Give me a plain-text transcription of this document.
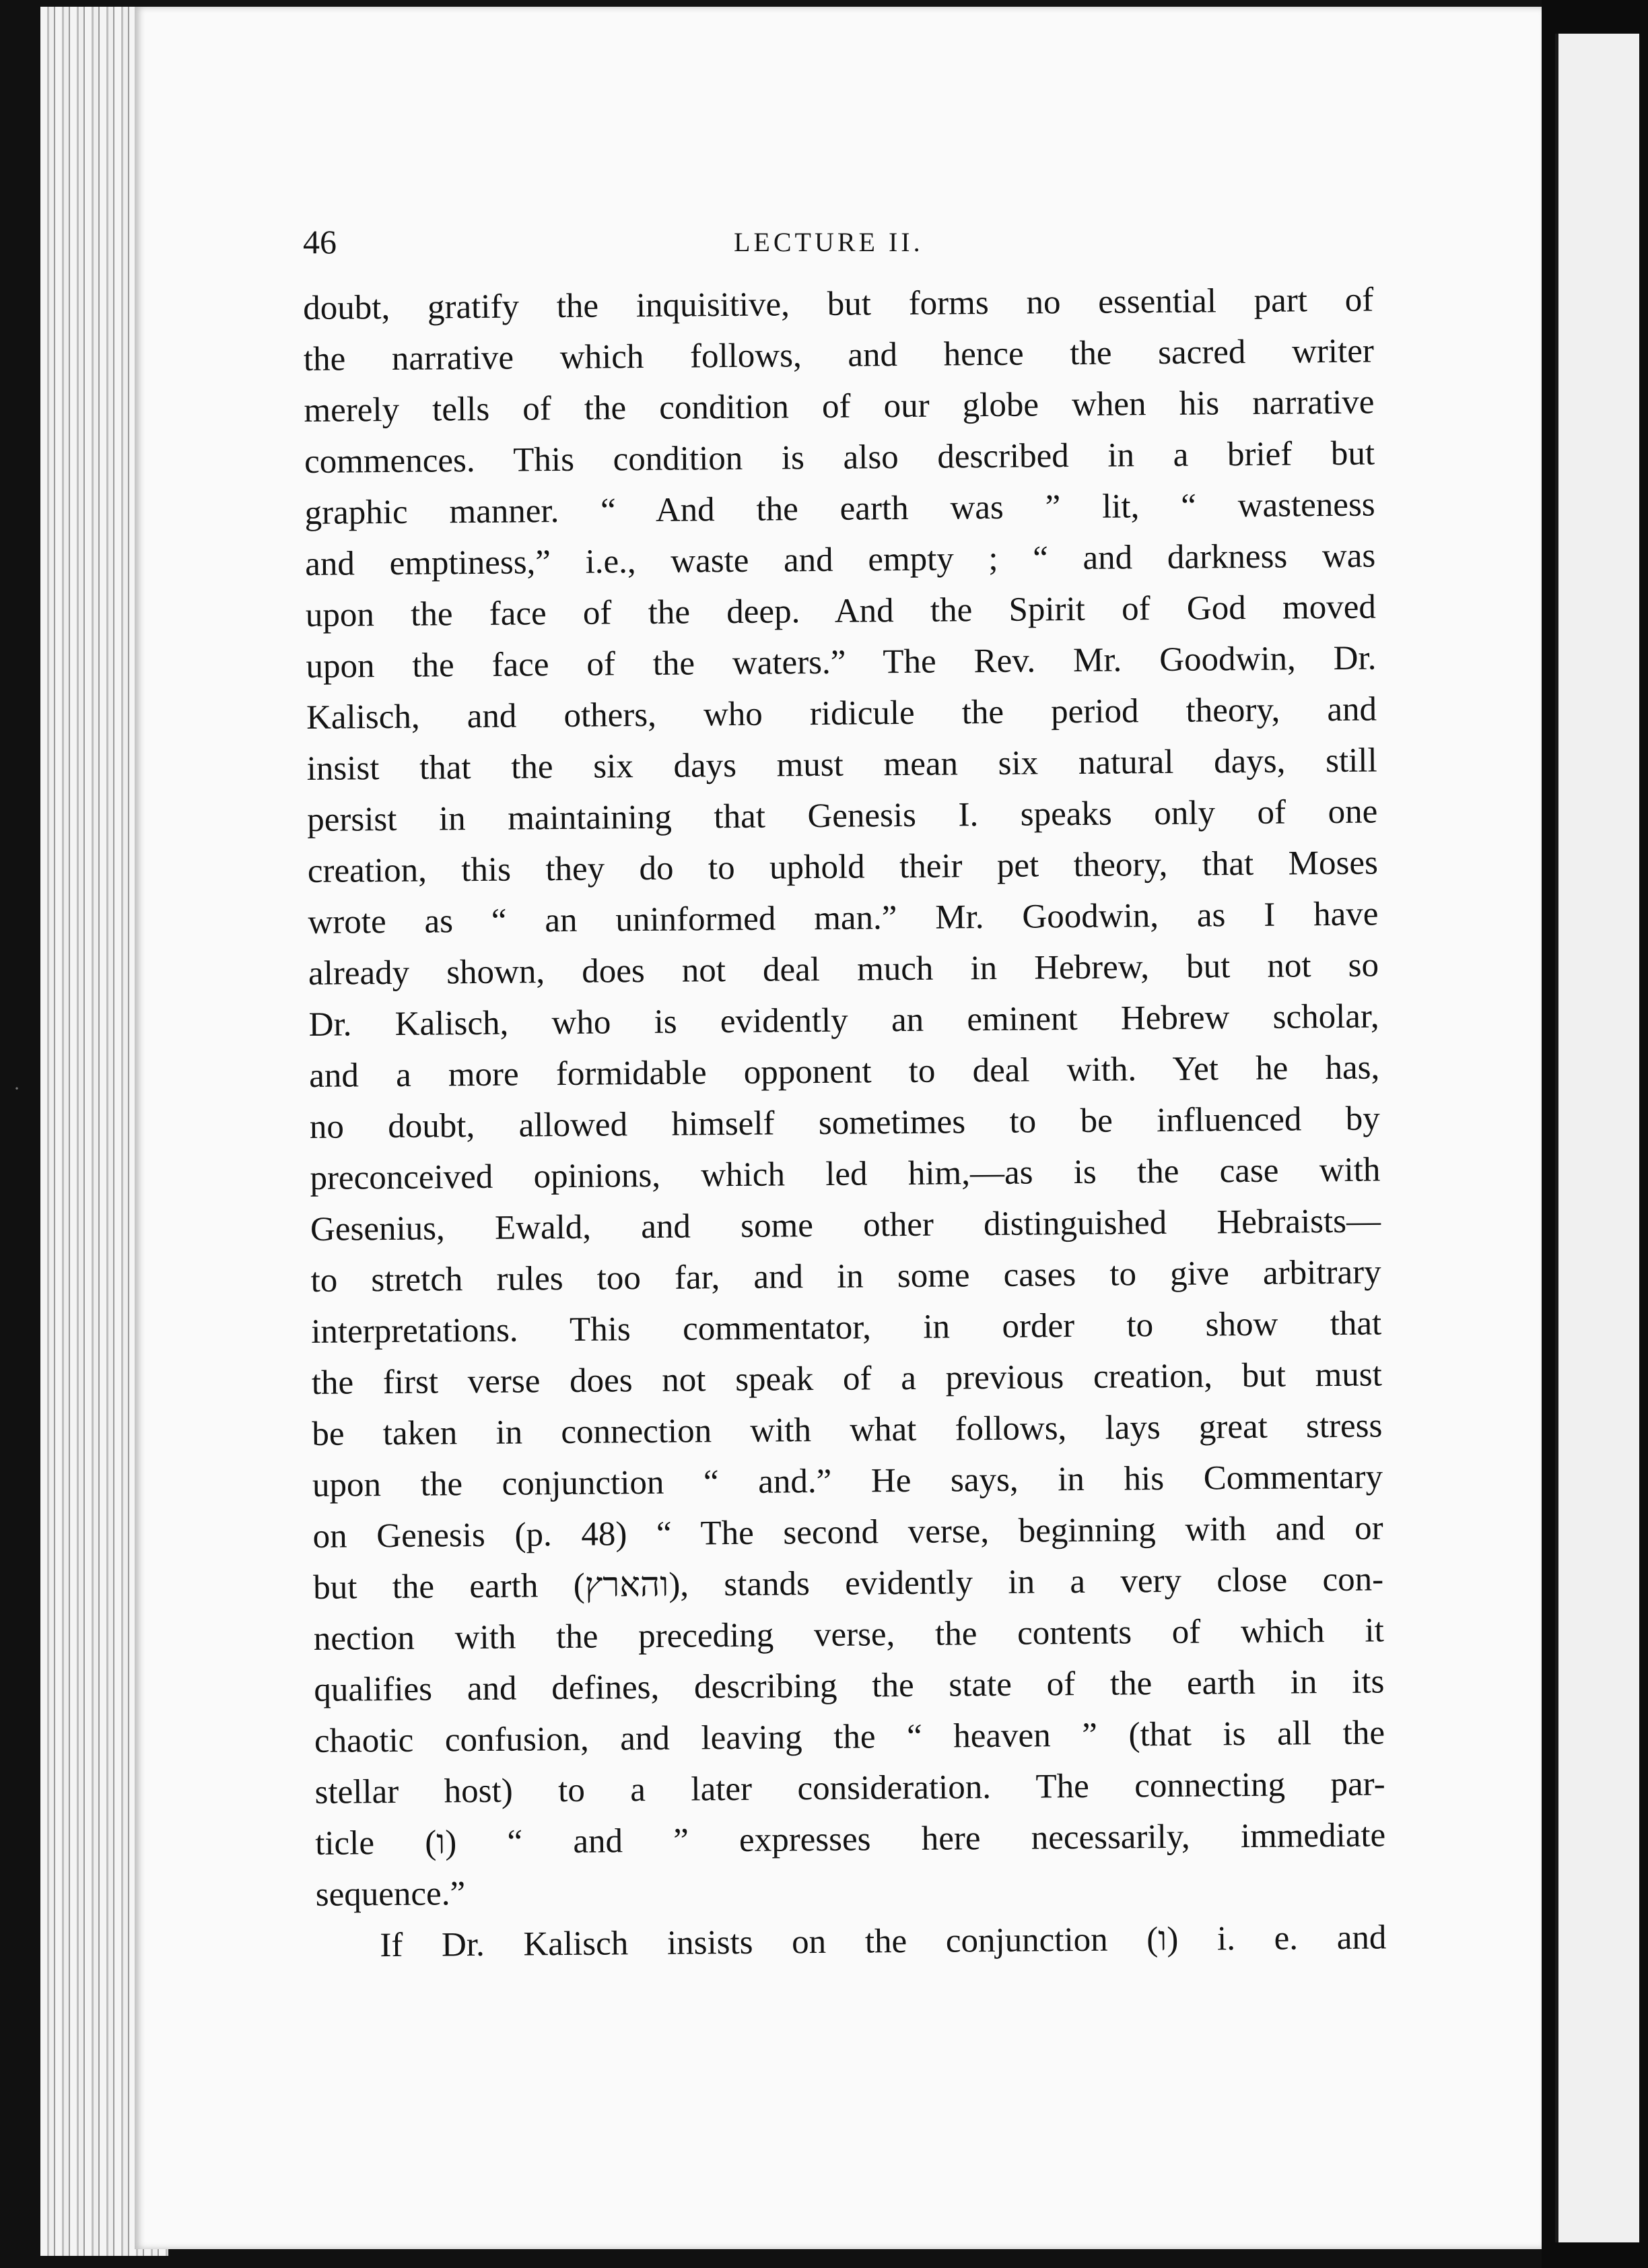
46	LECTURE II.
doubt, gratify the inquisitive, but forms no essential part of
the narrative which follows, and hence the sacred writer
merely tells of the condition of our globe when his narrative
commences. This condition is also described in a brief but
graphic manner. “ And the earth was ” lit, “ wasteness
and emptiness,” i.e., waste and empty ; “ and darkness was
upon the face of the deep. And the Spirit of God moved
upon the face of the waters.” The Rev. Mr. Goodwin, Dr.
Kalisch, and others, who ridicule the period theory, and
insist that the six days must mean six natural days, still
persist in maintaining that Genesis I. speaks only of one
creation, this they do to uphold their pet theory, that Moses
wrote as “ an uninformed man.” Mr. Goodwin, as I have
already shown, does not deal much in Hebrew, but not so
Dr. Kalisch, who is evidently an eminent Hebrew scholar,
and a more formidable opponent to deal with. Yet he has,
no doubt, allowed himself sometimes to be influenced by
preconceived opinions, which led him,—as is the case with
Gesenius, Ewald, and some other distinguished Hebraists—
to stretch rules too far, and in some cases to give arbitrary
interpretations. This commentator, in order to show that
the first verse does not speak of a previous creation, but must
be taken in connection with what follows, lays great stress
upon the conjunction “ and.” He says, in his Commentary
on Genesis (p. 48) “ The second verse, beginning with and or
but the earth (והארץ), stands evidently in a very close con-
nection with the preceding verse, the contents of which it
qualifies and defines, describing the state of the earth in its
chaotic confusion, and leaving the “ heaven ” (that is all the
stellar host) to a later consideration. The connecting par-
ticle (ו) “ and ” expresses here necessarily, immediate
sequence.”
If Dr. Kalisch insists on the conjunction (ו) i. e. and
·
